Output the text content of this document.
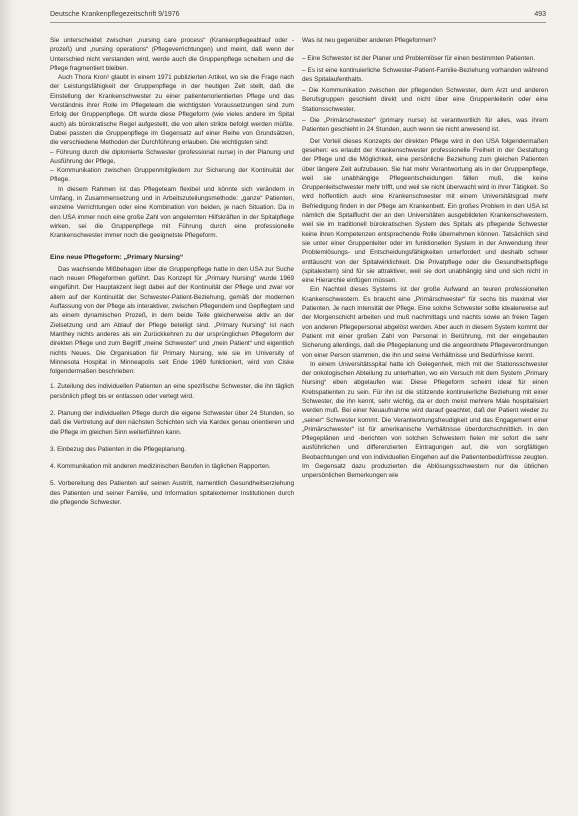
Deutsche Krankenpflegezeitschrift 9/1976	493

Sie unterscheidet zwischen „nursing care process“ (Krankenpflegeablauf oder -prozeß) und „nursing operations“ (Pflegeverrichtungen) und meint, daß wenn der Unterschied nicht verstanden wird, werde auch die Gruppenpflege scheitern und die Pflege fragmentiert bleiben.

Auch Thora Kron¹ glaubt in einem 1971 publizierten Artikel, wo sie die Frage nach der Leistungsfähigkeit der Gruppenpflege in der heutigen Zeit stellt, daß die Einstellung der Krankenschwester zu einer patientenorientierten Pflege und das Verständnis ihrer Rolle im Pflegeteam die wichtigsten Voraussetzungen sind zum Erfolg der Gruppenpflege. Oft wurde diese Pflegeform (wie vieles andere im Spital auch) als bürokratische Regel aufgestellt, die von allen strikte befolgt werden müßte. Dabei passten die Gruppenpflege im Gegensatz auf einer Reihe von Grundsätzen, die verschiedene Methoden der Durchführung erlauben. Die wichtigsten sind:

– Führung durch die diplomierte Schwester (professional nurse) in der Planung und Ausführung der Pflege,

– Kommunikation zwischen Gruppenmitgliedern zur Sicherung der Kontinuität der Pflege.

In diesem Rahmen ist das Pflegeteam flexibel und könnte sich verändern in Umfang, in Zusammensetzung und in Arbeitszuteilungsmethode: „ganze“ Patienten, einzelne Verrichtungen oder eine Kombination von beiden, je nach Situation. Da in den USA immer noch eine große Zahl von angelernten Hilfskräften in der Spitalpflege wirken, sei die Gruppenpflege mit Führung durch eine professionelle Krankenschwester immer noch die geeignetste Pflegeform.

Eine neue Pflegeform: „Primary Nursing“

Das wachsende Mißbehagen über die Gruppenpflege hatte in den USA zur Suche nach neuen Pflegeformen geführt. Das Konzept für „Primary Nursing“ wurde 1969 eingeführt. Der Hauptakzent liegt dabei auf der Kontinuität der Pflege und zwar vor allem auf der Kontinuität der Schwester-Patient-Beziehung, gemäß der modernen Auffassung von der Pflege als interaktiver, zwischen Pflegendem und Gepflegtem und als einem dynamischen Prozeß, in dem beide Teile gleicherweise aktiv an der Zielsetzung und am Ablauf der Pflege beteiligt sind. „Primary Nursing“ ist nach Manthey nichts anderes als ein Zurückkehren zu der ursprünglichen Pflegeform der direkten Pflege und zum Begriff „meine Schwester“ und „mein Patient“ und eigentlich nichts Neues. Die Organisation für Primary Nursing, wie sie im University of Minnesota Hospital in Minneapolis seit Ende 1969 funktioniert, wird von Ciske folgendermaßen beschrieben:

1. Zuteilung des individuellen Patienten an eine spezifische Schwester, die ihn täglich persönlich pflegt bis er entlassen oder verlegt wird.
2. Planung der individuellen Pflege durch die eigene Schwester über 24 Stunden, so daß die Vertretung auf den nächsten Schichten sich via Kardex genau orientieren und die Pflege im gleichen Sinn weiterführen kann.
3. Einbezug des Patienten in die Pflegeplanung.
4. Kommunikation mit anderen medizinischen Berufen in täglichen Rapporten.
5. Vorbereitung des Patienten auf seinen Austritt, namentlich Gesundheitserziehung des Patienten und seiner Familie, und Information spitalexterner Institutionen durch die pflegende Schwester.

Was ist neu gegenüber anderen Pflegeformen?

– Eine Schwester ist der Planer und Problemlöser für einen bestimmten Patienten.

– Es ist eine kontinuierliche Schwester-Patient-Familie-Beziehung vorhanden während des Spitalaufenthalts.

– Die Kommunikation zwischen der pflegenden Schwester, dem Arzt und anderen Berufsgruppen geschieht direkt und nicht über eine Gruppenleiterin oder eine Stationsschwester.

– Die „Primärschwester“ (primary nurse) ist verantwortlich für alles, was ihrem Patienten geschieht in 24 Stunden, auch wenn sie nicht anwesend ist.

Der Vorteil dieses Konzepts der direkten Pflege wird in den USA folgendermaßen gesehen: es erlaubt der Krankenschwester professionelle Freiheit in der Gestaltung der Pflege und die Möglichkeit, eine persönliche Beziehung zum gleichen Patienten über längere Zeit aufzubauen. Sie hat mehr Verantwortung als in der Gruppenpflege, weil sie unabhängige Pflegeentscheidungen fällen muß, die keine Gruppenleitschwester mehr trifft, und weil sie nicht überwacht wird in ihrer Tätigkeit. So wird hoffentlich auch eine Krankenschwester mit einem Universitätsgrad mehr Befriedigung finden in der Pflege am Krankenbett. Ein großes Problem in den USA ist nämlich die Spitalflucht der an den Universitäten ausgebildeten Krankenschwestern, weil sie im traditionell bürokratischen System des Spitals als pflegende Schwester keine ihren Kompetenzen entsprechende Rolle übernehmen können. Tatsächlich sind sie unter einer Gruppenleiter oder im funktionellen System in der Anwendung ihrer Problemlösungs- und Entscheidungsfähigkeiten unterfordert und deshalb schwer enttäuscht von der Spitalwirklichkeit. Die Privatpflege oder die Gesundheitspflege (spitalextern) sind für sie attraktiver, weil sie dort unabhängig sind und sich nicht in eine Hierarchie einfügen müssen.

Ein Nachteil dieses Systems ist der große Aufwand an teuren professionellen Krankenschwestern. Es braucht eine „Primärschwester“ für sechs bis maximal vier Patienten. Je nach Intensität der Pflege. Eine solche Schwester sollte idealerweise auf der Morgenschicht arbeiten und muß nachmittags und nachts sowie an freien Tagen von anderen Pflegepersonal abgelöst werden. Aber auch in diesem System kommt der Patient mit einer großen Zahl von Personal in Berührung, mit der eingebauten Sicherung allerdings, daß die Pflegeplanung und die angeordnete Pflegeverordnungen von einer Person stammen, die ihn und seine Verhältnisse und Bedürfnisse kennt.

In einem Universitätsspital hatte ich Gelegenheit, mich mit der Stationsschwester der onkologischen Abteilung zu unterhalten, wo ein Versuch mit dem System „Primary Nursing“ eben abgelaufen war. Diese Pflegeform scheint ideal für einen Krebspatienten zu sein. Für ihn ist die stützende kontinuierliche Beziehung mit einer Schwester, die ihn kennt, sehr wichtig, da er doch meist mehrere Male hospitalisiert werden muß. Bei einer Neuaufnahme wird darauf geachtet, daß der Patient wieder zu „seiner“ Schwester kommt. Die Verantwortungsfreudigkeit und das Engagement einer „Primärschwester“ ist für amerikanische Verhältnisse überdurchschnittlich. In den Pflegeplänen und -berichten von solchen Schwestern fielen mir sofort die sehr ausführlichen und differenzierten Eintragungen auf, die von sorgfältigen Beobachtungen und von individuellen Eingehen auf die Patientenbedürfnisse zeugten. Im Gegensatz dazu produzierten die Ablösungsschwestern nur die üblichen unpersönlichen Bemerkungen wie
